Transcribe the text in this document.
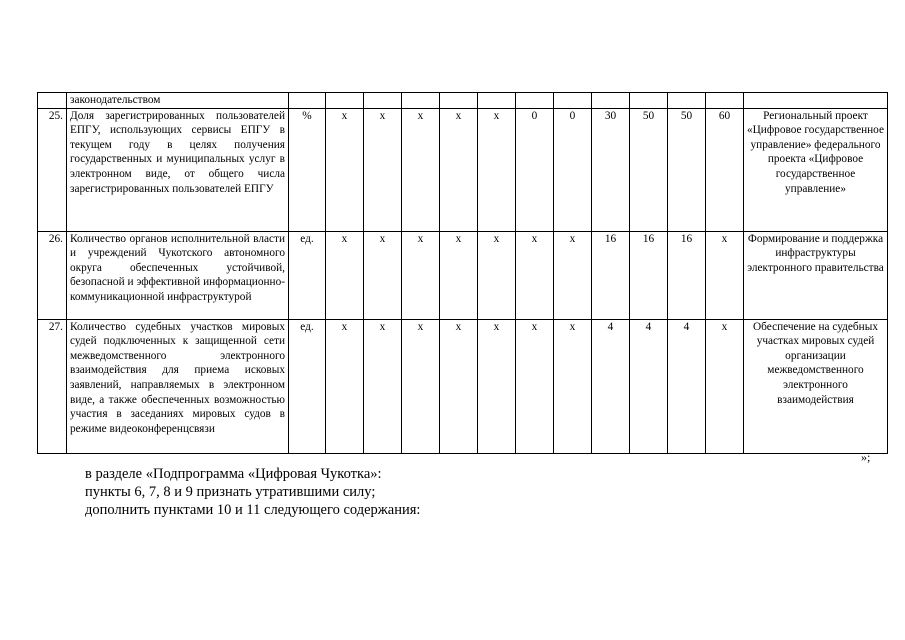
	законодательством													
25.	Доля зарегистрированных пользователей ЕПГУ, использующих сервисы ЕПГУ в текущем году в целях получения государственных и муниципальных услуг в электронном виде, от общего числа зарегистрированных пользователей ЕПГУ	%	х	х	х	х	х	0	0	30	50	50	60	Региональный проект «Цифровое государственное управление» федерального проекта «Цифровое государственное управление»
26.	Количество органов исполнительной власти и учреждений Чукотского автономного округа обеспеченных устойчивой, безопасной и эффективной информационно-коммуникационной инфраструктурой	ед.	х	х	х	х	х	х	х	16	16	16	х	Формирование и поддержка инфраструктуры электронного правительства
27.	Количество судебных участков мировых судей подключенных к защищенной сети межведомственного электронного взаимодействия для приема исковых заявлений, направляемых в электронном виде, а также обеспеченных возможностью участия в заседаниях мировых судов в режиме видеоконференцсвязи	ед.	х	х	х	х	х	х	х	4	4	4	х	Обеспечение на судебных участках мировых судей организации межведомственного электронного взаимодействия
»;

в разделе «Подпрограмма «Цифровая Чукотка»:

пункты 6, 7, 8 и 9 признать утратившими силу;

дополнить пунктами 10 и 11 следующего содержания:
